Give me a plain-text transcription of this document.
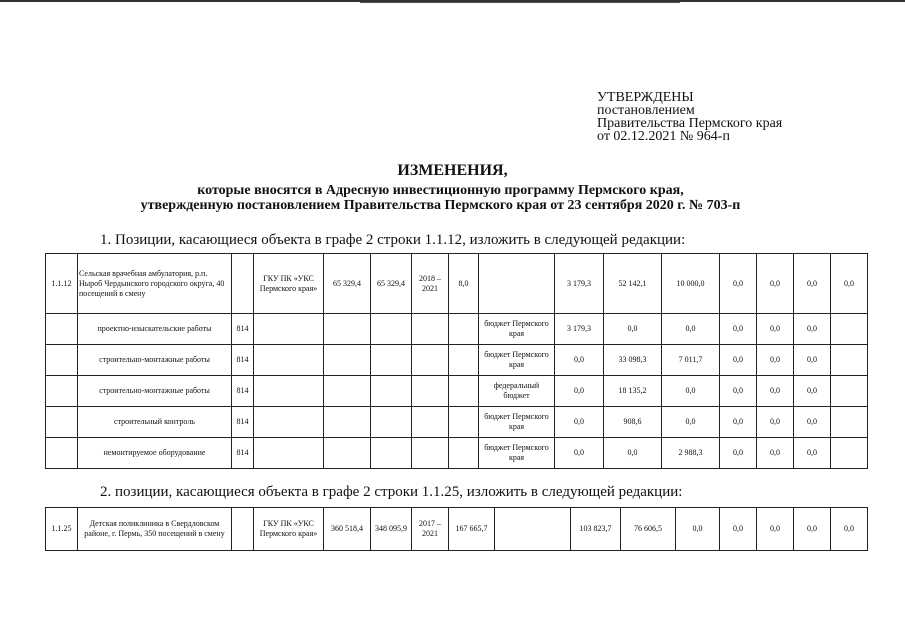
УТВЕРЖДЕНЫ
постановлением
Правительства Пермского края
от 02.12.2021 № 964-п
ИЗМЕНЕНИЯ,
которые вносятся в Адресную инвестиционную программу Пермского края,
утвержденную постановлением Правительства Пермского края от 23 сентября 2020 г. № 703-п
1. Позиции, касающиеся объекта в графе 2 строки 1.1.12, изложить в следующей редакции:
1.1.12	Сельская врачебная амбулатория, р.п. Ныроб Чердынского городского округа, 40 посещений в смену		ГКУ ПК «УКС Пермского края»	65 329,4	65 329,4	2018 – 2021	8,0		3 179,3	52 142,1	10 000,0	0,0	0,0	0,0	0,0
	проектно-изыскательские работы	814						бюджет Пермского края	3 179,3	0,0	0,0	0,0	0,0	0,0	
	строительно-монтажные работы	814						бюджет Пермского края	0,0	33 098,3	7 011,7	0,0	0,0	0,0	
	строительно-монтажные работы	814						федеральный бюджет	0,0	18 135,2	0,0	0,0	0,0	0,0	
	строительный контроль	814						бюджет Пермского края	0,0	908,6	0,0	0,0	0,0	0,0	
	немонтируемое оборудование	814						бюджет Пермского края	0,0	0,0	2 988,3	0,0	0,0	0,0	
2. позиции, касающиеся объекта в графе 2 строки 1.1.25, изложить в следующей редакции:
1.1.25	Детская поликлиника в Свердловском районе, г. Пермь, 350 посещений в смену		ГКУ ПК «УКС Пермского края»	360 518,4	348 095,9	2017 – 2021	167 665,7		103 823,7	76 606,5	0,0	0,0	0,0	0,0	0,0
